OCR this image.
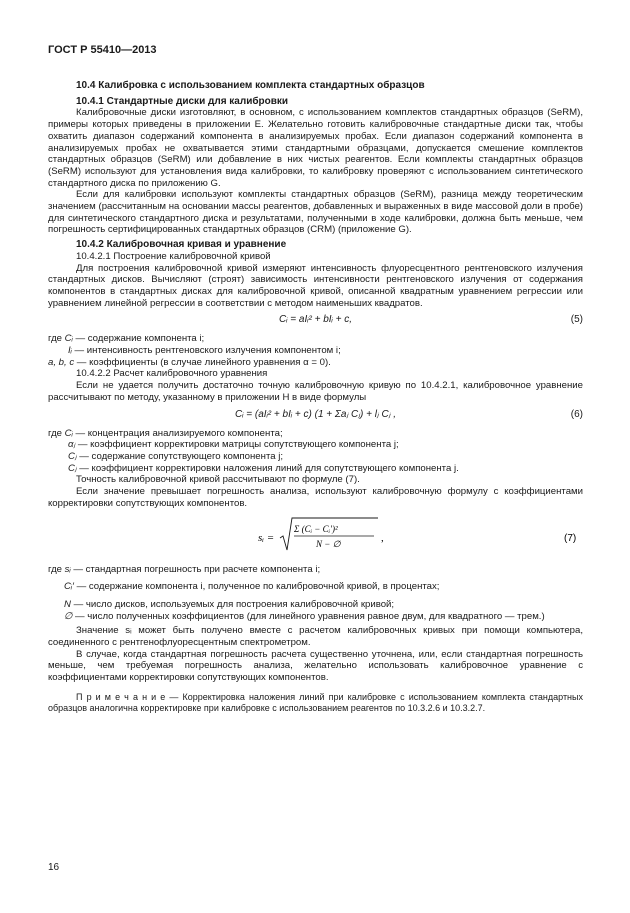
ГОСТ Р 55410—2013
10.4 Калибровка с использованием комплекта стандартных образцов
10.4.1 Стандартные диски для калибровки

Калибровочные диски изготовляют, в основном, с использованием комплектов стандартных образцов (SeRM), примеры которых приведены в приложении Е. Желательно готовить калибровочные стандартные диски так, чтобы охватить диапазон содержаний компонента в анализируемых пробах. Если диапазон содержаний компонента в анализируемых пробах не охватывается этими стандартными образцами, допускается смешение комплектов стандартных образцов (SeRM) или добавление в них чистых реагентов. Если комплекты стандартных образцов (SeRM) используют для установления вида калибровки, то калибровку проверяют с использованием синтетического стандартного диска по приложению G.

Если для калибровки используют комплекты стандартных образцов (SeRM), разница между теоретическим значением (рассчитанным на основании массы реагентов, добавленных и выраженных в виде массовой доли в пробе) для синтетического стандартного диска и результатами, полученными в ходе калибровки, должна быть меньше, чем погрешность сертифицированных стандартных образцов (CRM) (приложение G).

10.4.2 Калибровочная кривая и уравнение
10.4.2.1 Построение калибровочной кривой

Для построения калибровочной кривой измеряют интенсивность флуоресцентного рентгеновского излучения стандартных дисков. Вычисляют (строят) зависимость интенсивности рентгеновского излучения от содержания компонентов в стандартных дисках для калибровочной кривой, описанной квадратным уравнением регрессии или уравнением линейной регрессии в соответствии с методом наименьших квадратов.

Cᵢ = aIᵢ² + bIᵢ + c,	(5)
где Cᵢ — содержание компонента i;
Iᵢ — интенсивность рентгеновского излучения компонентом i;
a, b, c — коэффициенты (в случае линейного уравнения α = 0).
10.4.2.2 Расчет калибровочного уравнения

Если не удается получить достаточно точную калибровочную кривую по 10.4.2.1, калибровочное уравнение рассчитывают по методу, указанному в приложении Н в виде формулы

Cᵢ = (aIᵢ² + bIᵢ + c) (1 + Σaⱼ Cⱼ) + lⱼ Cⱼ ,	(6)
где Cᵢ — концентрация анализируемого компонента;
αⱼ — коэффициент корректировки матрицы сопутствующего компонента j;
Cⱼ — содержание сопутствующего компонента j;
Cⱼ — коэффициент корректировки наложения линий для сопутствующего компонента j.

Точность калибровочной кривой рассчитывают по формуле (7).

Если значение превышает погрешность анализа, используют калибровочную формулу с коэффициентами корректировки сопутствующих компонентов.

sᵢ =
Σ (Cᵢ − Cᵢ′)²
N − ∅	,	(7)
где sᵢ — стандартная погрешность при расчете компонента i;
Cᵢ′ — содержание компонента i, полученное по калибровочной кривой, в процентах;
N — число дисков, используемых для построения калибровочной кривой;
∅ — число полученных коэффициентов (для линейного уравнения равное двум, для квадратного — трем.)

Значение sᵢ может быть получено вместе с расчетом калибровочных кривых при помощи компьютера, соединенного с рентгенофлуоресцентным спектрометром.

В случае, когда стандартная погрешность расчета существенно уточнена, или, если стандартная погрешность меньше, чем требуемая погрешность анализа, желательно использовать калибровочное уравнение с коэффициентами корректировки сопутствующих компонентов.

П р и м е ч а н и е — Корректировка наложения линий при калибровке с использованием комплекта стандартных образцов аналогична корректировке при калибровке с использованием реагентов по 10.3.2.6 и 10.3.2.7.
16
